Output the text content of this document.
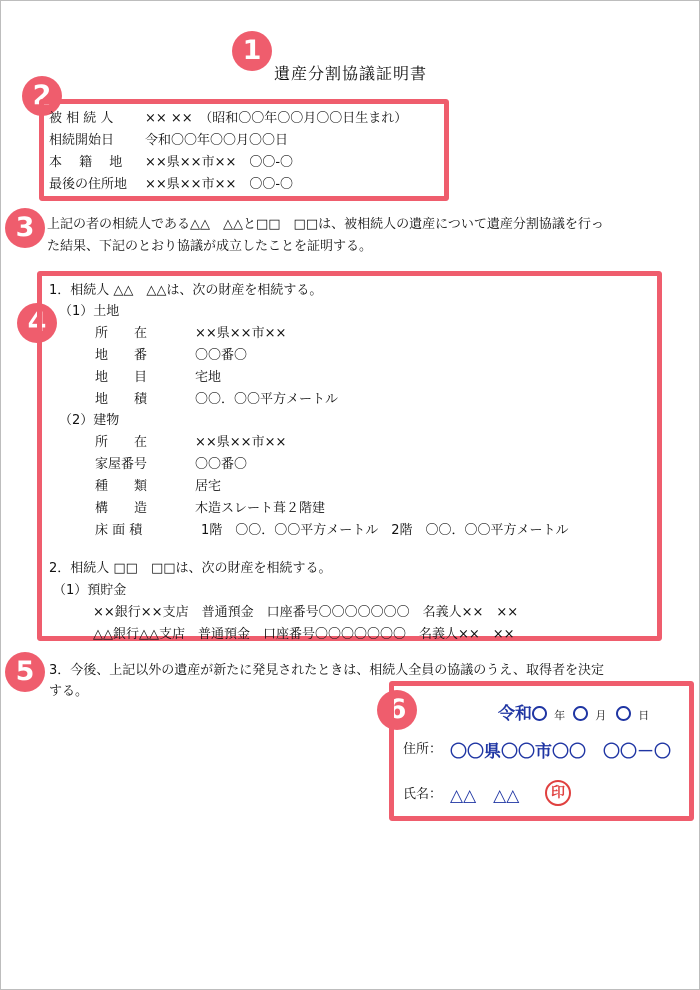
1
2
3
4
5
6
遺産分割協議証明書
被 相 続 人 ×× ××　（昭和〇〇年〇〇月〇〇日生まれ）
相続開始日 令和〇〇年〇〇月〇〇日
本　 籍　 地 ××県××市××　〇〇-〇
最後の住所地 ××県××市××　〇〇-〇
上記の者の相続人である△△　△△と□□　□□は、被相続人の遺産について遺産分割協議を行っ
た結果、下記のとおり協議が成立したことを証明する。
1．相続人 △△　△△は、次の財産を相続する。
（1）土地
所　　在	××県××市××
地　　番	〇〇番〇
地　　目	宅地
地　　積	〇〇．〇〇平方メートル
（2）建物
所　　在	××県××市××
家屋番号	〇〇番〇
種　　類	居宅
構　　造	木造スレート葺２階建
床 面 積	1階　〇〇．〇〇平方メートル　2階　〇〇．〇〇平方メートル
2．相続人 □□　□□は、次の財産を相続する。
（1）預貯金
××銀行××支店　普通預金　口座番号〇〇〇〇〇〇〇　名義人××　××
△△銀行△△支店　普通預金　口座番号〇〇〇〇〇〇〇　名義人××　××
3．今後、上記以外の遺産が新たに発見されたときは、相続人全員の協議のうえ、取得者を決定
する。
令和 年	月	日
住所： 〇〇県〇〇市〇〇　〇〇－〇
氏名： △△　△△	印
